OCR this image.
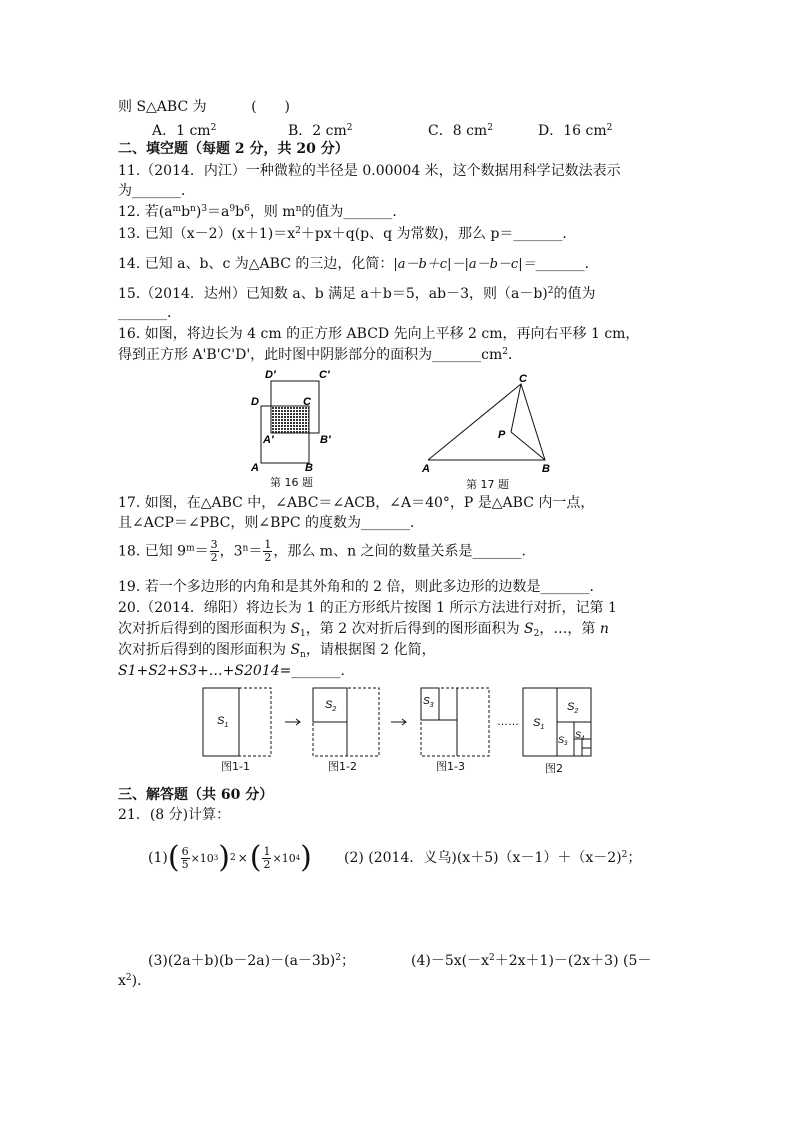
则 S△ABC 为	(　　)
A．1 $cm^2$	B．2 $cm^2$	C．8 $cm^2$	D．16 $cm^2$
二、填空题（每题 2 分，共 20 分）
11.（2014．内江）一种微粒的半径是 0.00004 米，这个数据用科学记数法表示
为_______．
12. 若$(a^mb^n)^3=a^9b^6$，则 $m^n$的值为_______．
13. 已知$(x-2)(x+1)=x^2+px+q(p$、q 为常数)，那么 p＝_______．
14. 已知 a、b、c 为△ABC 的三边，化简：|a－b＋c|－|a－b－c|＝_______．
15.（2014．达州）已知数 a、b 满足 a＋b＝5，ab－3，则（a－b)$^2$的值为
_______．
16. 如图，将边长为 4 cm 的正方形 ABCD 先向上平移 2 cm，再向右平移 1 cm，
得到正方形 A'B'C'D'，此时图中阴影部分的面积为$\_\_\_\_\_\_\_cm^2$．
D′	C′
D	C
A′	B′
A	B
第 16 题
C
P
A	B
第 17 题
17. 如图，在△ABC 中，∠ABC＝∠ACB，∠A＝40°，P 是△ABC 内一点，
且∠ACP＝∠PBC，则∠BPC 的度数为_______．
18. 已知 $9^m= \frac{3}{2}$ ，$3^n= \frac{1}{2}$ ，那么 m、n 之间的数量关系是_______．
19. 若一个多边形的内角和是其外角和的 2 倍，则此多边形的边数是_______．
20.（2014．绵阳）将边长为 1 的正方形纸片按图 1 所示方法进行对折，记第 1
次对折后得到的图形面积为 $S_1$，第 2 次对折后得到的图形面积为 $S_2$，…，第 n
次对折后得到的图形面积为 $S_n$，请根据图 2 化简，
S1+S2+S3+…+S2014=_______．
$S_1$
$S_2$
$S_3$
…… $S_1$
$S_2$
$S_3$
$S_4$
图1-1	图1-2	图1-3	图2
三、解答题（共 60 分）
21．(8 分)计算：
(1) ( $\frac{6}{5} \times 10$ 3 ) 2 × ( $\frac{1}{2} \times 10$ 4 ) (2) (2014．义乌)(x＋5)（x－1）＋（x－2)$^2$；
$(3)(2a+b)(b-2a)-(a-3b)^2$；	$(4)-5x(-x^2+2x+1)-(2x+3)$ (5－
$x^2$)．
